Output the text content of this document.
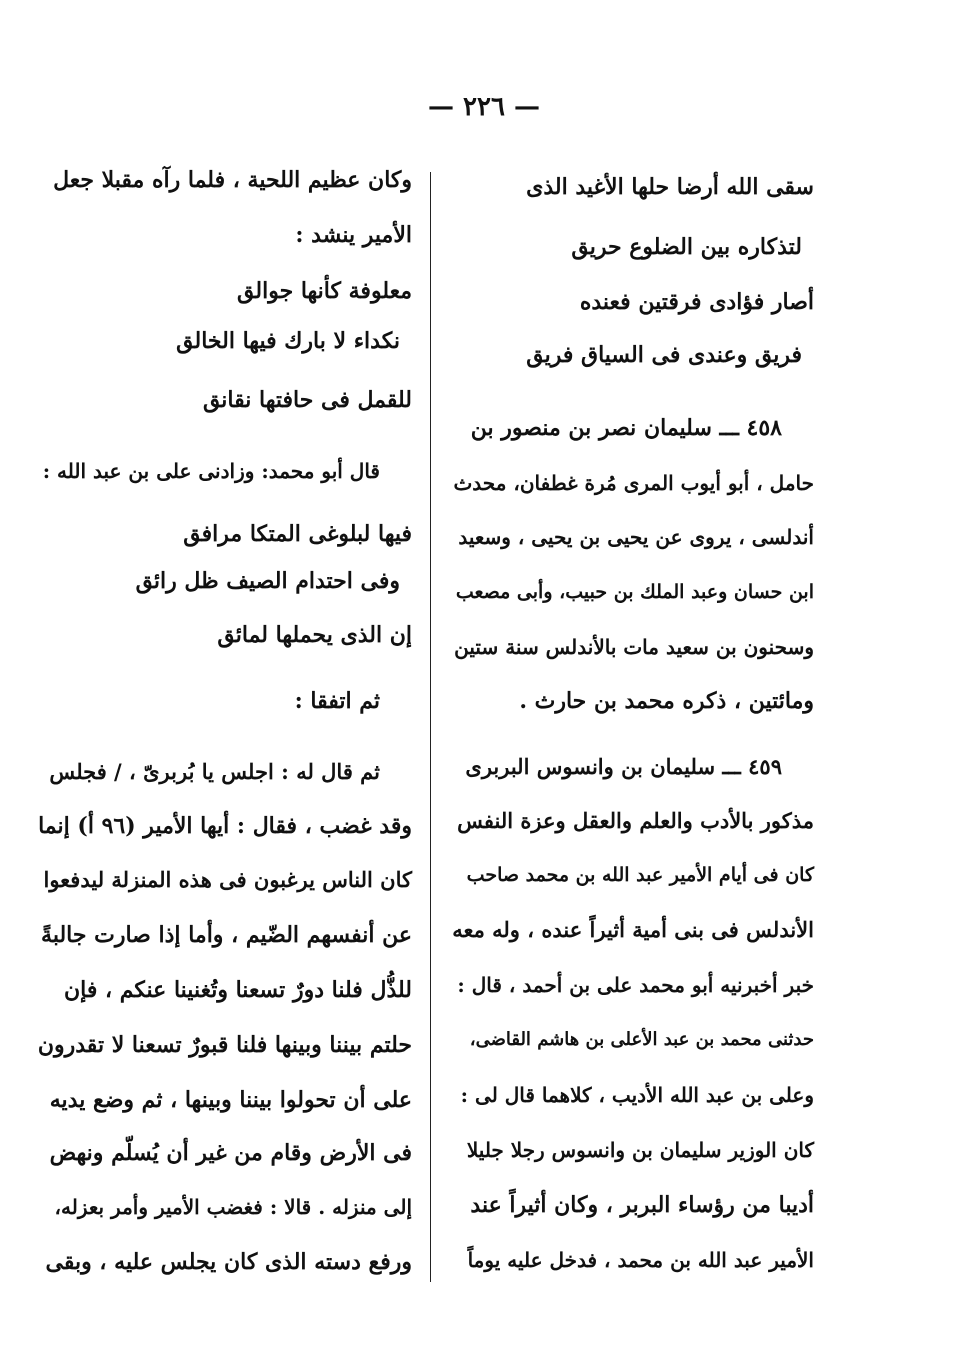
— ٢٢٦ —
سقى الله أرضا حلها الأغيد الذى
لتذكاره بين الضلوع حريق
أصار فؤادى فرقتين فعنده
فريق وعندى فى السياق فريق
٤٥٨ ـــ سليمان نصر بن منصور بن
حامل ، أبو أيوب المرى مُرة غطفان، محدث
أندلسى ، يروى عن يحيى بن يحيى ، وسعيد
ابن حسان وعبد الملك بن حبيب، وأبى مصعب
وسحنون بن سعيد مات بالأندلس سنة ستين
ومائتين ، ذكره محمد بن حارث .
٤٥٩ ـــ سليمان بن وانسوس البربرى
مذكور بالأدب والعلم والعقل وعزة النفس
كان فى أيام الأمير عبد الله بن محمد صاحب
الأندلس فى بنى أمية أثيراً عنده ، وله معه
خبر أخبرنيه أبو محمد على بن أحمد ، قال :
حدثنى محمد بن عبد الأعلى بن هاشم القاضى،
وعلى بن عبد الله الأديب ، كلاهما قال لى :
كان الوزير سليمان بن وانسوس رجلا جليلا
أديبا من رؤساء البربر ، وكان أثيراً عند
الأمير عبد الله بن محمد ، فدخل عليه يوماً
وكان عظيم اللحية ، فلما رآه مقبلا جعل
الأمير ينشد :
معلوفة كأنها جوالق
نكداء لا بارك فيها الخالق
للقمل فى حافتها نقانق
قال أبو محمد: وزادنى على بن عبد الله :
فيها لبلوغى المتكا مرافق
وفى احتدام الصيف ظل رائق
إن الذى يحملها لمائق
ثم اتفقا :
ثم قال له : اجلس يا بُربرىّ ، / فجلس
وقد غضب ، فقال : أيها الأمير (٩٦ أ) إنما
كان الناس يرغبون فى هذه المنزلة ليدفعوا
عن أنفسهم الضّيم ، وأما إذا صارت جالبةً
للذُّل فلنا دورٌ تسعنا وتُغنينا عنكم ، فإن
حلتم بيننا وبينها فلنا قبورٌ تسعنا لا تقدرون
على أن تحولوا بيننا وبينها ، ثم وضع يديه
فى الأرض وقام من غير أن يُسلّم ونهض
إلى منزله . قالا : فغضب الأمير وأمر بعزله،
ورفع دسته الذى كان يجلس عليه ، وبقى
